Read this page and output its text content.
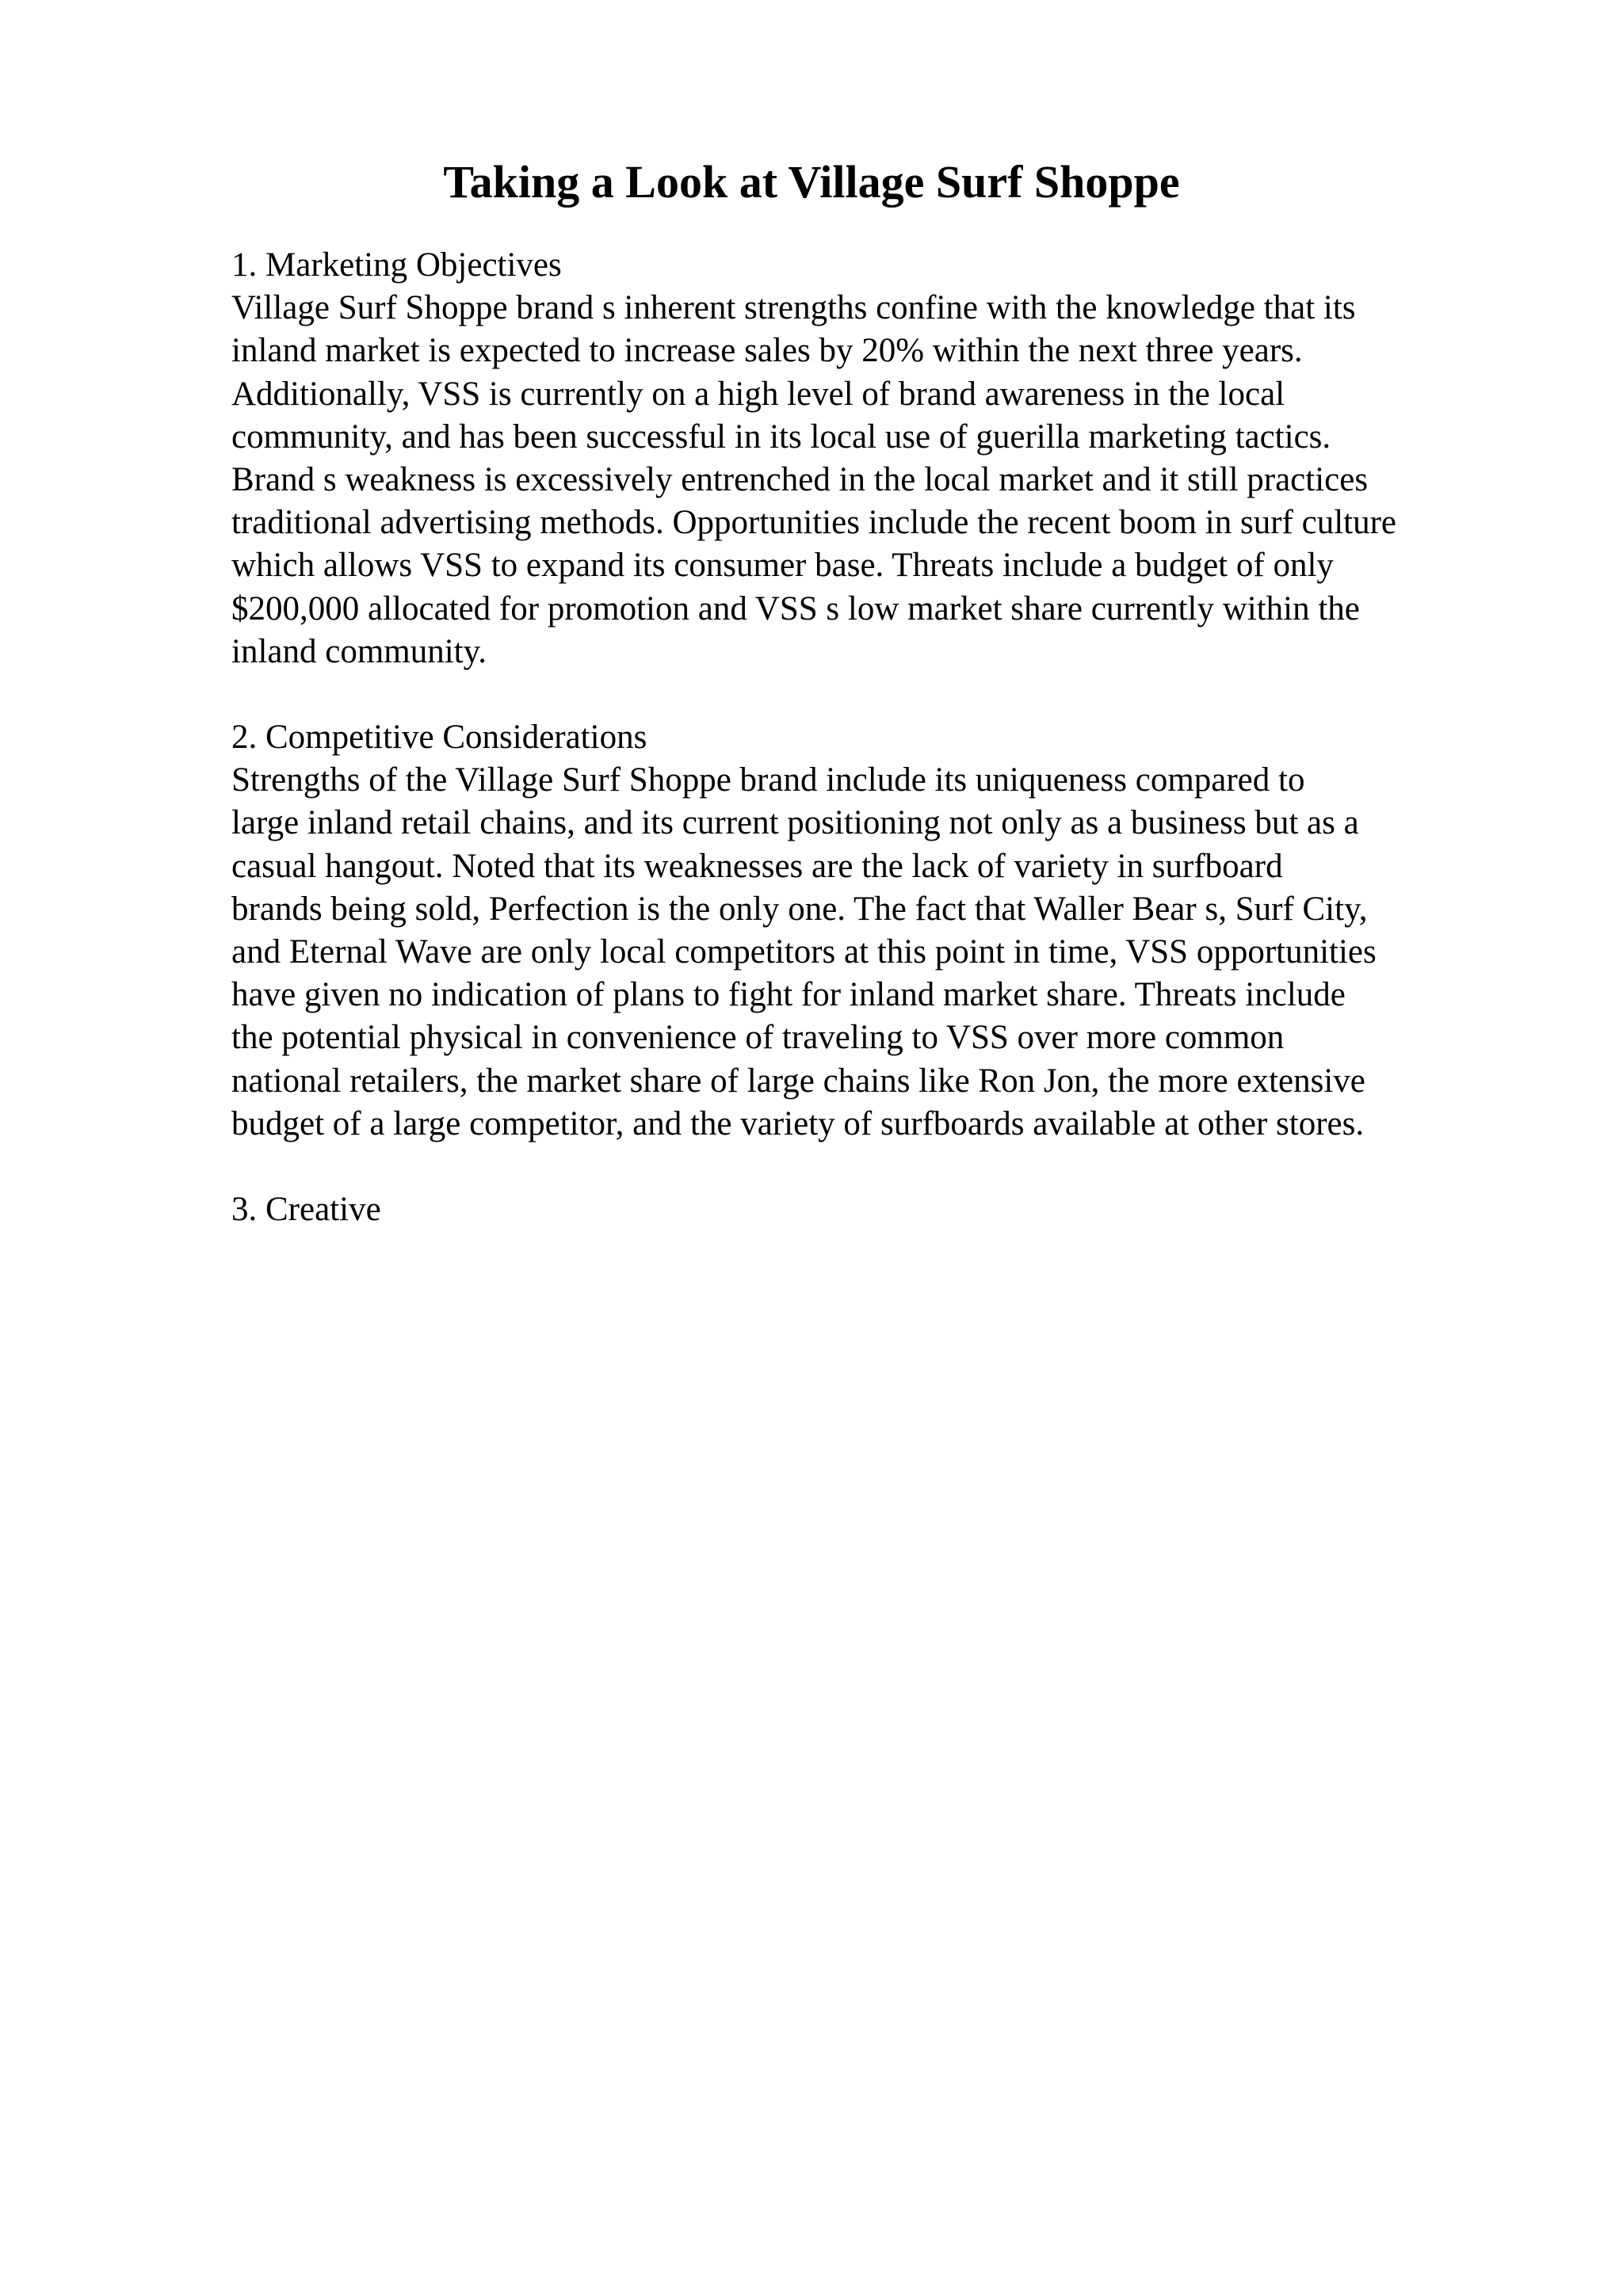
Taking a Look at Village Surf Shoppe

1. Marketing Objectives

Village Surf Shoppe brand s inherent strengths confine with the knowledge that its
inland market is expected to increase sales by 20% within the next three years.
Additionally, VSS is currently on a high level of brand awareness in the local
community, and has been successful in its local use of guerilla marketing tactics.
Brand s weakness is excessively entrenched in the local market and it still practices
traditional advertising methods. Opportunities include the recent boom in surf culture
which allows VSS to expand its consumer base. Threats include a budget of only
$200,000 allocated for promotion and VSS s low market share currently within the
inland community.

2. Competitive Considerations

Strengths of the Village Surf Shoppe brand include its uniqueness compared to
large inland retail chains, and its current positioning not only as a business but as a
casual hangout. Noted that its weaknesses are the lack of variety in surfboard
brands being sold, Perfection is the only one. The fact that Waller Bear s, Surf City,
and Eternal Wave are only local competitors at this point in time, VSS opportunities
have given no indication of plans to fight for inland market share. Threats include
the potential physical in convenience of traveling to VSS over more common
national retailers, the market share of large chains like Ron Jon, the more extensive
budget of a large competitor, and the variety of surfboards available at other stores.

3. Creative
